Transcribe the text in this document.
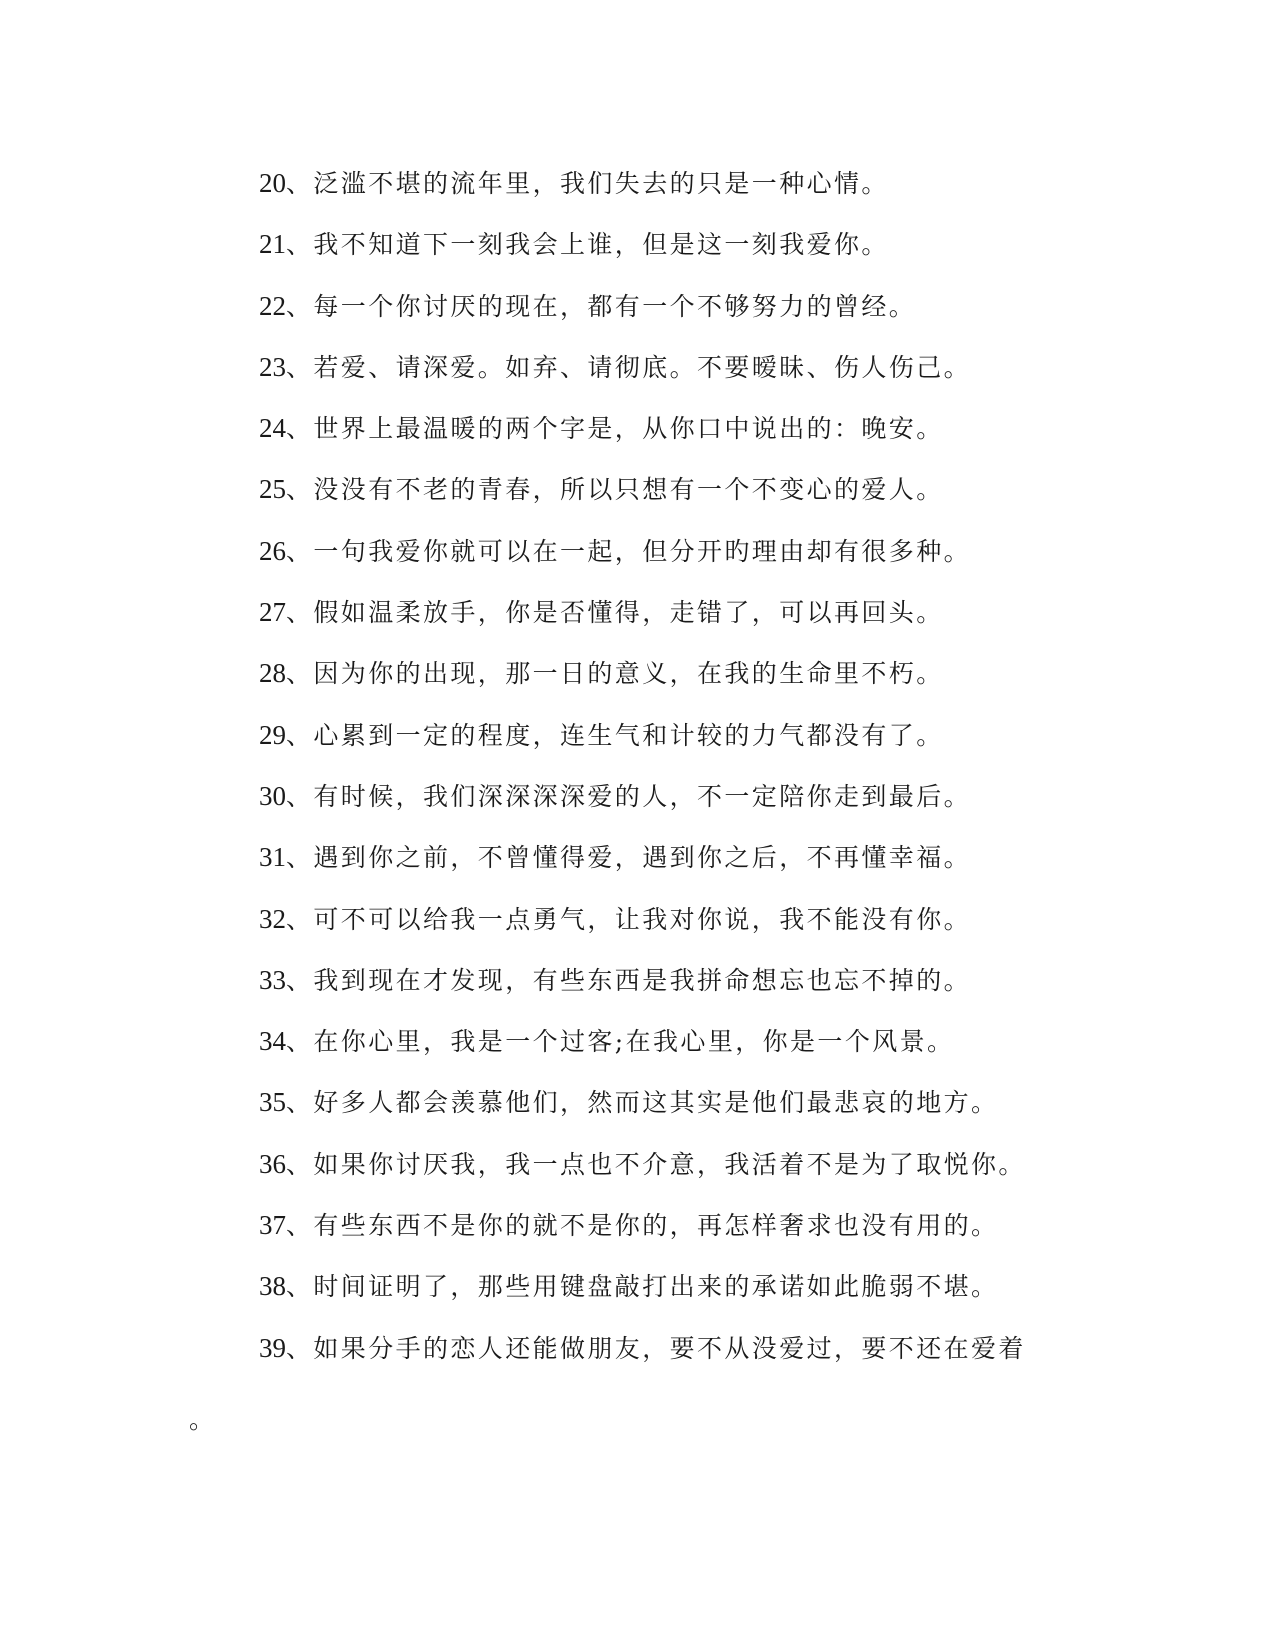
20、泛滥不堪的流年里，我们失去的只是一种心情。
21、我不知道下一刻我会上谁，但是这一刻我爱你。
22、每一个你讨厌的现在，都有一个不够努力的曾经。
23、若爱、请深爱。如弃、请彻底。不要暧昧、伤人伤己。
24、世界上最温暖的两个字是，从你口中说出的：晚安。
25、没没有不老的青春，所以只想有一个不变心的爱人。
26、一句我爱你就可以在一起，但分开旳理由却有很多种。
27、假如温柔放手，你是否懂得，走错了，可以再回头。
28、因为你的出现，那一日的意义，在我的生命里不朽。
29、心累到一定的程度，连生气和计较的力气都没有了。
30、有时候，我们深深深深爱的人，不一定陪你走到最后。
31、遇到你之前，不曾懂得爱，遇到你之后，不再懂幸福。
32、可不可以给我一点勇气，让我对你说，我不能没有你。
33、我到现在才发现，有些东西是我拼命想忘也忘不掉的。
34、在你心里，我是一个过客;在我心里，你是一个风景。
35、好多人都会羡慕他们，然而这其实是他们最悲哀的地方。
36、如果你讨厌我，我一点也不介意，我活着不是为了取悦你。
37、有些东西不是你的就不是你的，再怎样奢求也没有用的。
38、时间证明了，那些用键盘敲打出来的承诺如此脆弱不堪。
39、如果分手的恋人还能做朋友，要不从没爱过，要不还在爱着
。
